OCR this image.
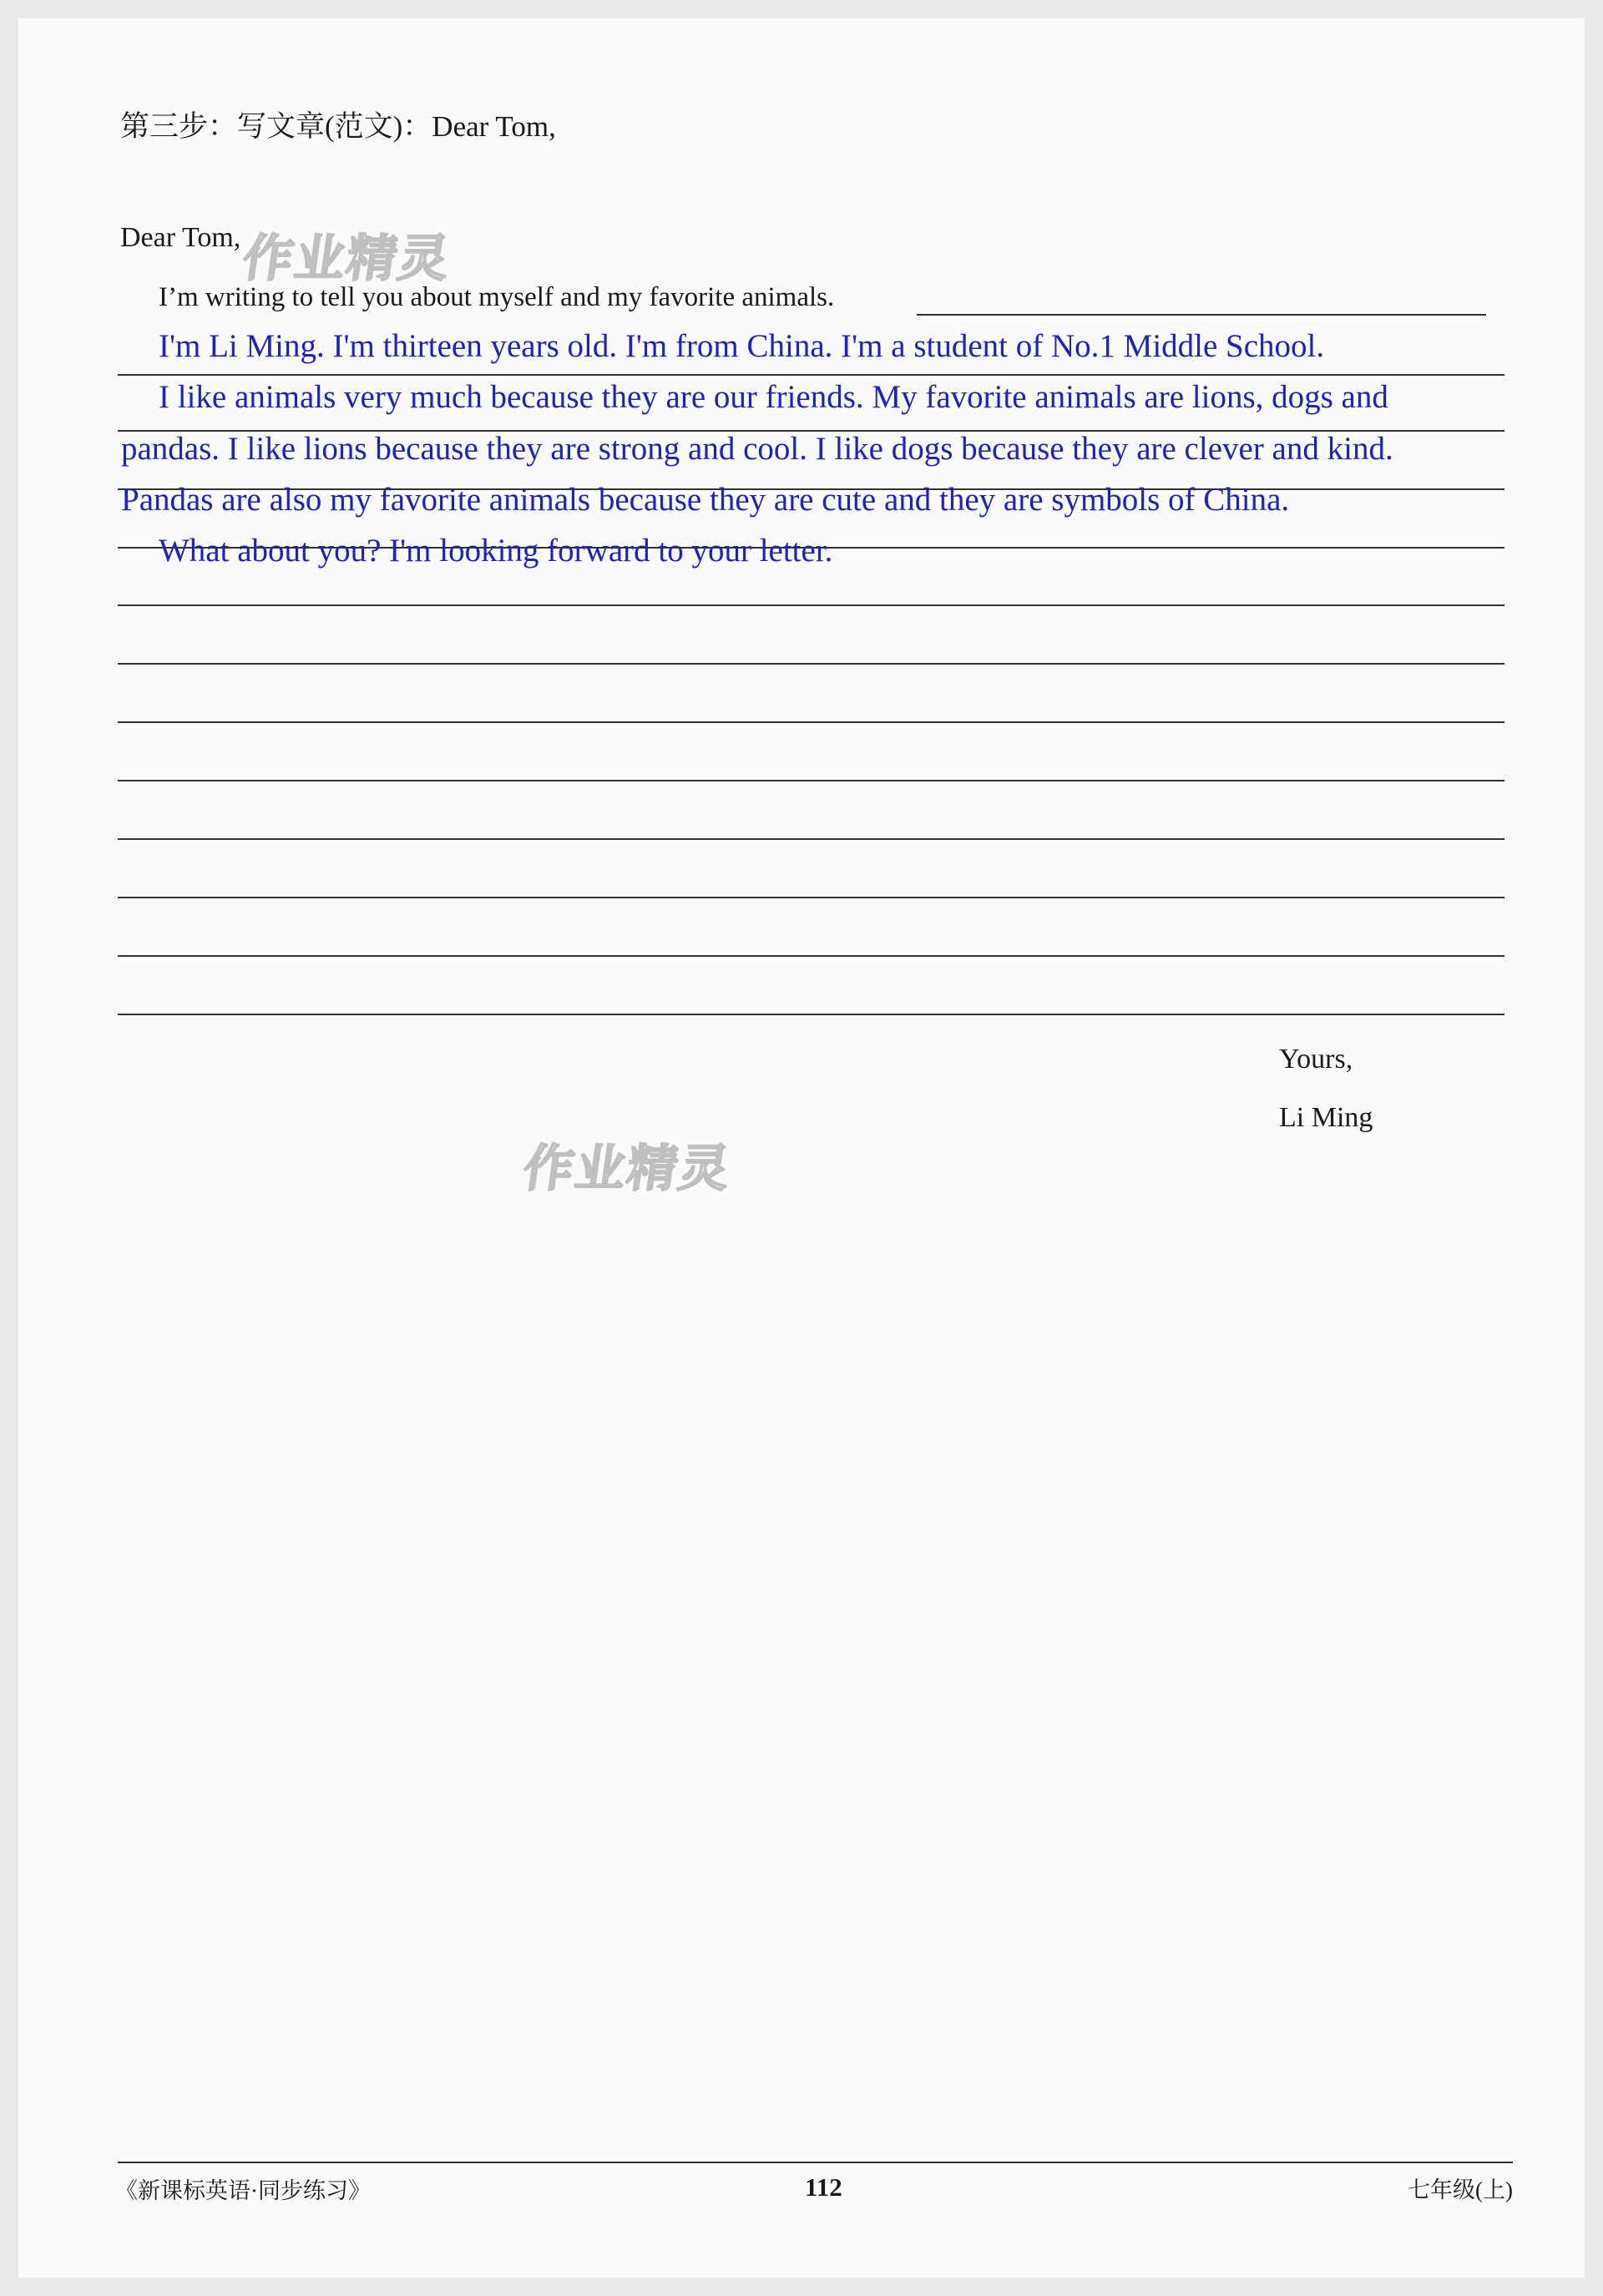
第三步：写文章(范文)：Dear Tom,
Dear Tom,
I’m writing to tell you about myself and my favorite animals.
I'm Li Ming. I'm thirteen years old. I'm from China. I'm a student of No.1 Middle School.
I like animals very much because they are our friends. My favorite animals are lions, dogs and
pandas. I like lions because they are strong and cool. I like dogs because they are clever and kind.
Pandas are also my favorite animals because they are cute and they are symbols of China.
What about you? I'm looking forward to your letter.
Yours,
Li Ming
作业精灵
作业精灵
《新课标英语·同步练习》	112	七年级(上)
